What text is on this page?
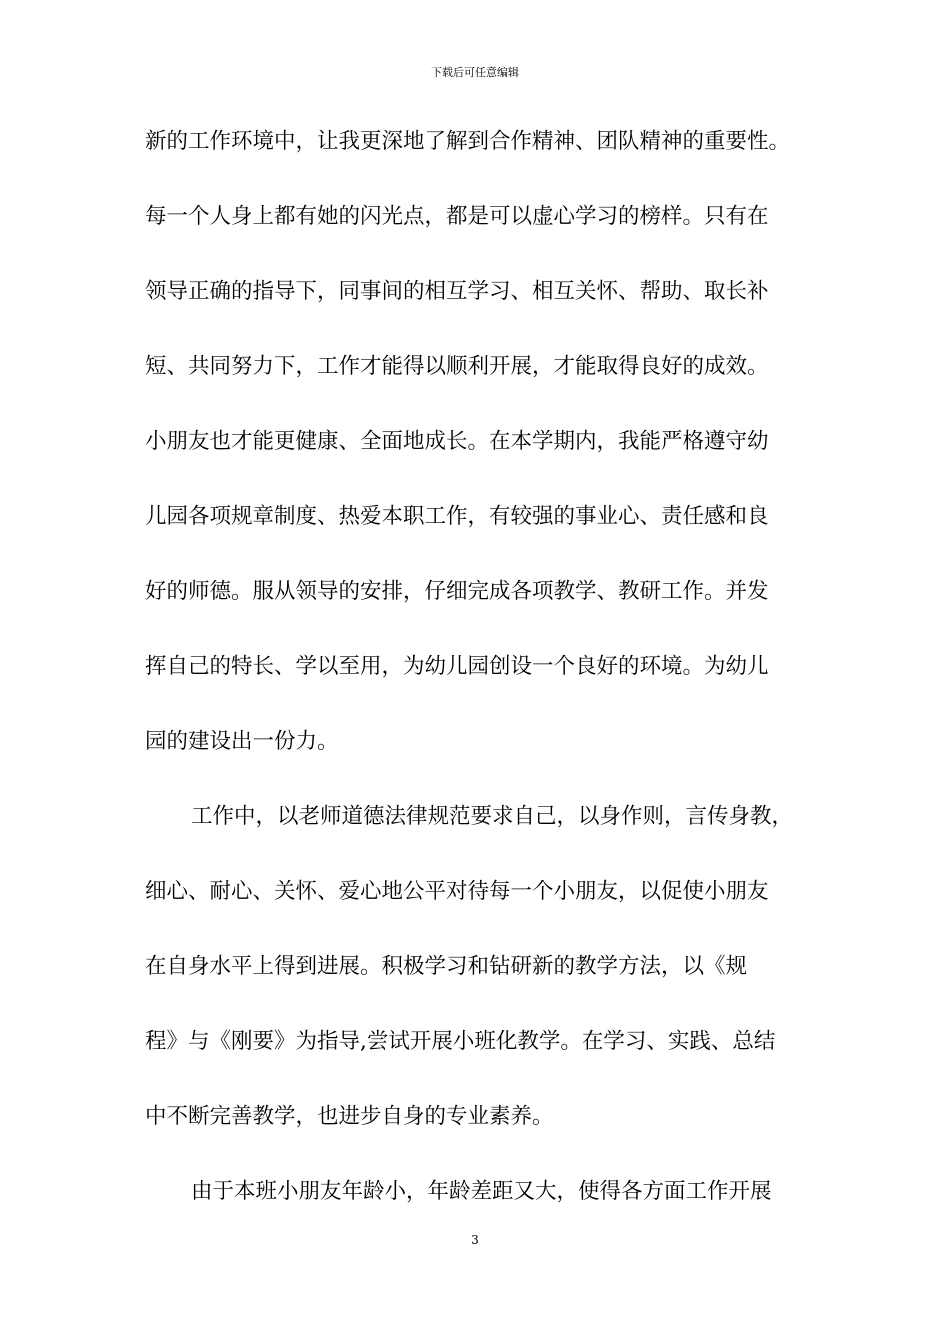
下载后可任意编辑
新的工作环境中，让我更深地了解到合作精神、团队精神的重要性。
每一个人身上都有她的闪光点，都是可以虚心学习的榜样。只有在
领导正确的指导下，同事间的相互学习、相互关怀、帮助、取长补
短、共同努力下，工作才能得以顺利开展，才能取得良好的成效。
小朋友也才能更健康、全面地成长。在本学期内，我能严格遵守幼
儿园各项规章制度、热爱本职工作，有较强的事业心、责任感和良
好的师德。服从领导的安排，仔细完成各项教学、教研工作。并发
挥自己的特长、学以至用，为幼儿园创设一个良好的环境。为幼儿
园的建设出一份力。
工作中，以老师道德法律规范要求自己，以身作则，言传身教，
细心、耐心、关怀、爱心地公平对待每一个小朋友，以促使小朋友
在自身水平上得到进展。积极学习和钻研新的教学方法，以《规
程》与《刚要》为指导,尝试开展小班化教学。在学习、实践、总结
中不断完善教学，也进步自身的专业素养。
由于本班小朋友年龄小，年龄差距又大，使得各方面工作开展
3
